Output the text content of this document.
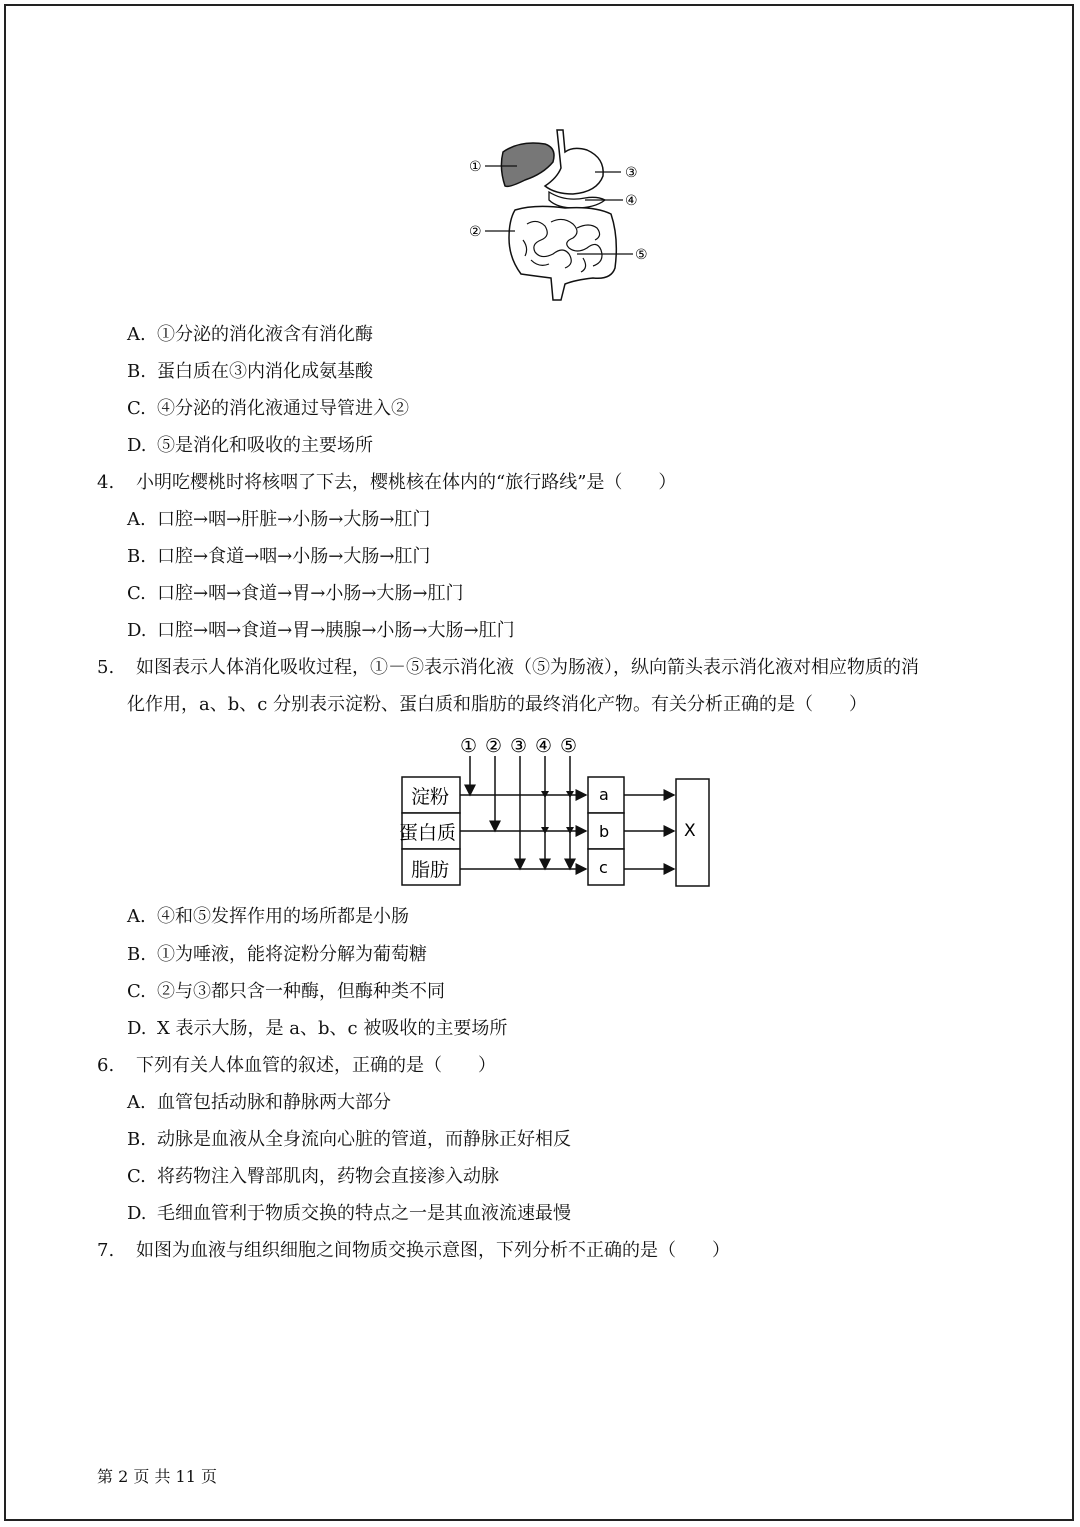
①	③
④
②
⑤
A. ①分泌的消化液含有消化酶
B. 蛋白质在③内消化成氨基酸
C. ④分泌的消化液通过导管进入②
D. ⑤是消化和吸收的主要场所
4. 小明吃樱桃时将核咽了下去，樱桃核在体内的“旅行路线”是（　　）
A. 口腔→咽→肝脏→小肠→大肠→肛门
B. 口腔→食道→咽→小肠→大肠→肛门
C. 口腔→咽→食道→胃→小肠→大肠→肛门
D. 口腔→咽→食道→胃→胰腺→小肠→大肠→肛门
5. 如图表示人体消化吸收过程，①－⑤表示消化液（⑤为肠液），纵向箭头表示消化液对相应物质的消
化作用，a、b、c 分别表示淀粉、蛋白质和脂肪的最终消化产物。有关分析正确的是（　　）
① ② ③ ④ ⑤
淀粉
蛋白质
脂肪
a
b
c
X
A. ④和⑤发挥作用的场所都是小肠
B. ①为唾液，能将淀粉分解为葡萄糖
C. ②与③都只含一种酶，但酶种类不同
D. X 表示大肠，是 a、b、c 被吸收的主要场所
6. 下列有关人体血管的叙述，正确的是（　　）
A. 血管包括动脉和静脉两大部分
B. 动脉是血液从全身流向心脏的管道，而静脉正好相反
C. 将药物注入臀部肌肉，药物会直接渗入动脉
D. 毛细血管利于物质交换的特点之一是其血液流速最慢
7. 如图为血液与组织细胞之间物质交换示意图，下列分析不正确的是（　　）
第 2 页 共 11 页
